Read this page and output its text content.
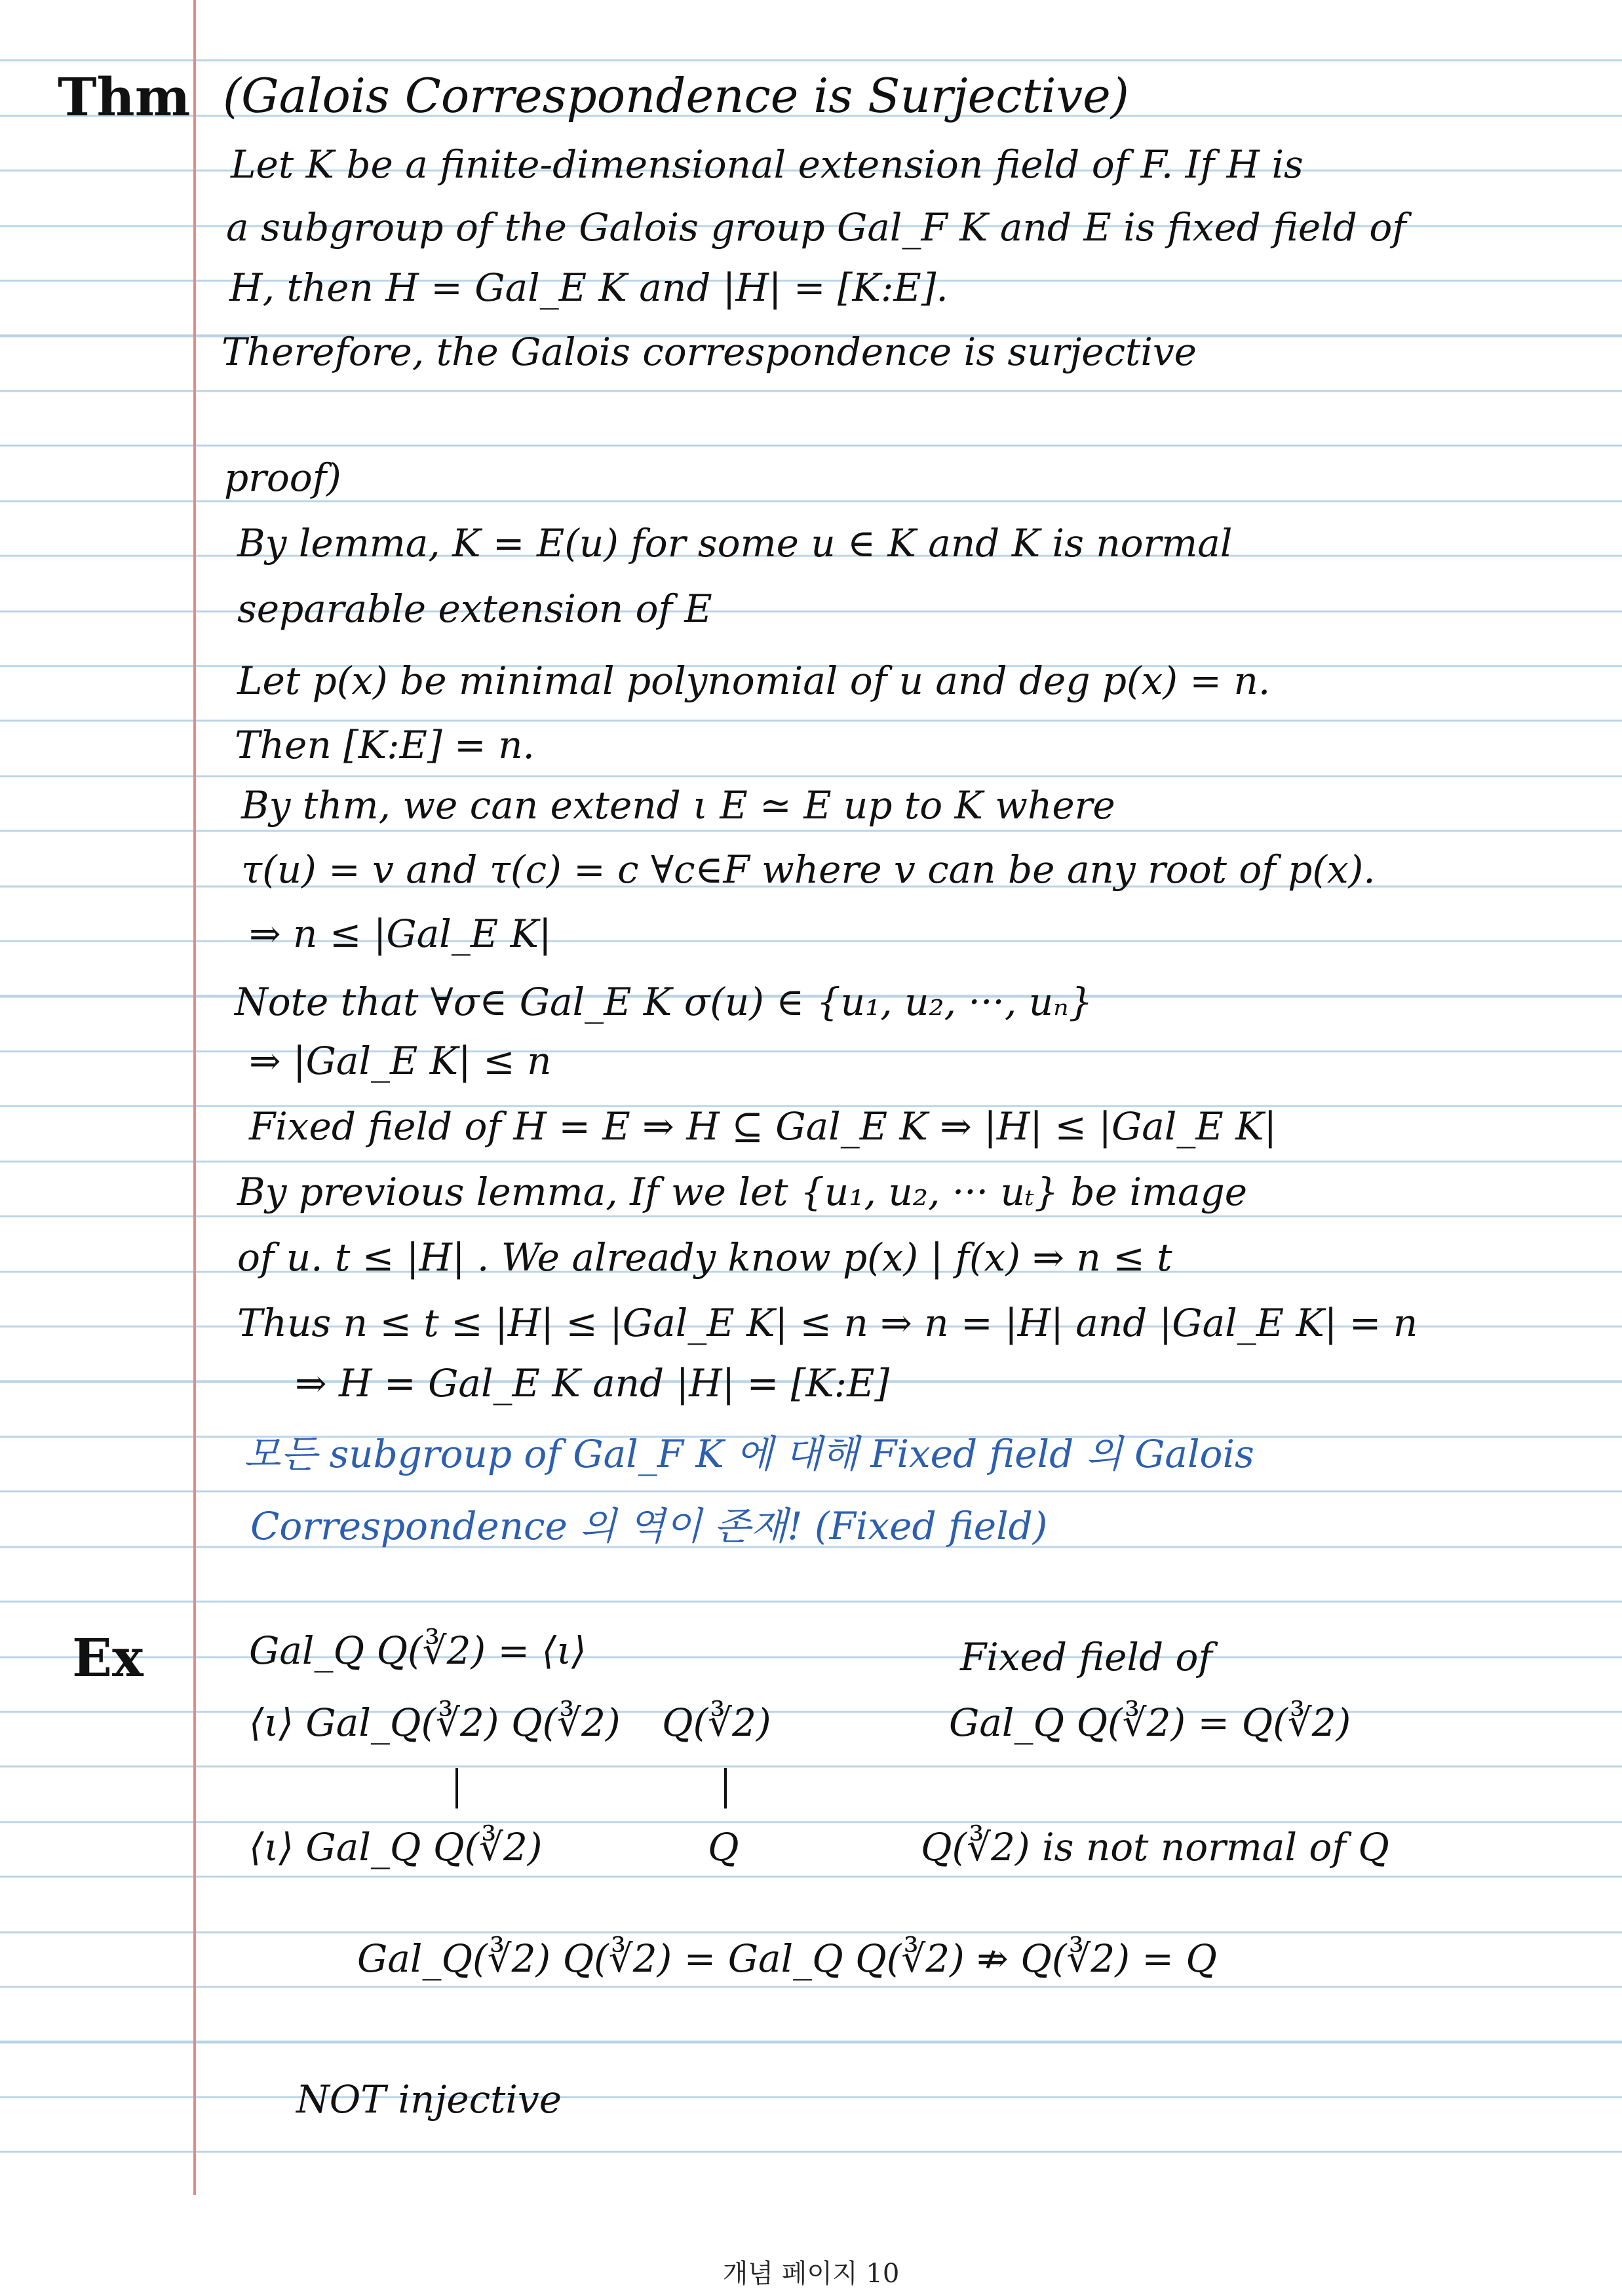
Thm (Galois Correspondence is Surjective)
Let K be a finite-dimensional extension field of F. If H is
a subgroup of the Galois group Gal_F K and E is fixed field of
H, then H = Gal_E K and |H| = [K:E].
Therefore, the Galois correspondence is surjective
proof)
By lemma, K = E(u) for some u ∈ K and K is normal
separable extension of E
Let p(x) be minimal polynomial of u and deg p(x) = n.
Then [K:E] = n.
By thm, we can extend ι E ≃ E up to K where
τ(u) = v and τ(c) = c ∀c∈F where v can be any root of p(x).
⇒ n ≤ |Gal_E K|
Note that ∀σ∈ Gal_E K σ(u) ∈ {u₁, u₂, ···, uₙ}
⇒ |Gal_E K| ≤ n
Fixed field of H = E ⇒ H ⊆ Gal_E K ⇒ |H| ≤ |Gal_E K|
By previous lemma, If we let {u₁, u₂, ··· uₜ} be image
of u. t ≤ |H| . We already know p(x) | f(x) ⇒ n ≤ t
Thus n ≤ t ≤ |H| ≤ |Gal_E K| ≤ n ⇒ n = |H| and |Gal_E K| = n
⇒ H = Gal_E K and |H| = [K:E]
모든 subgroup of Gal_F K 에 대해 Fixed field 의 Galois
Correspondence 의 역이 존재! (Fixed field)
Ex	Gal_Q Q(∛2) = ⟨ι⟩
⟨ι⟩ Gal_Q(∛2) Q(∛2) Q(∛2)
⟨ι⟩ Gal_Q Q(∛2)	Q
Fixed field of
Gal_Q Q(∛2) = Q(∛2)
Q(∛2) is not normal of Q
Gal_Q(∛2) Q(∛2) = Gal_Q Q(∛2) ⇏ Q(∛2) = Q
NOT injective
개념 페이지 10
